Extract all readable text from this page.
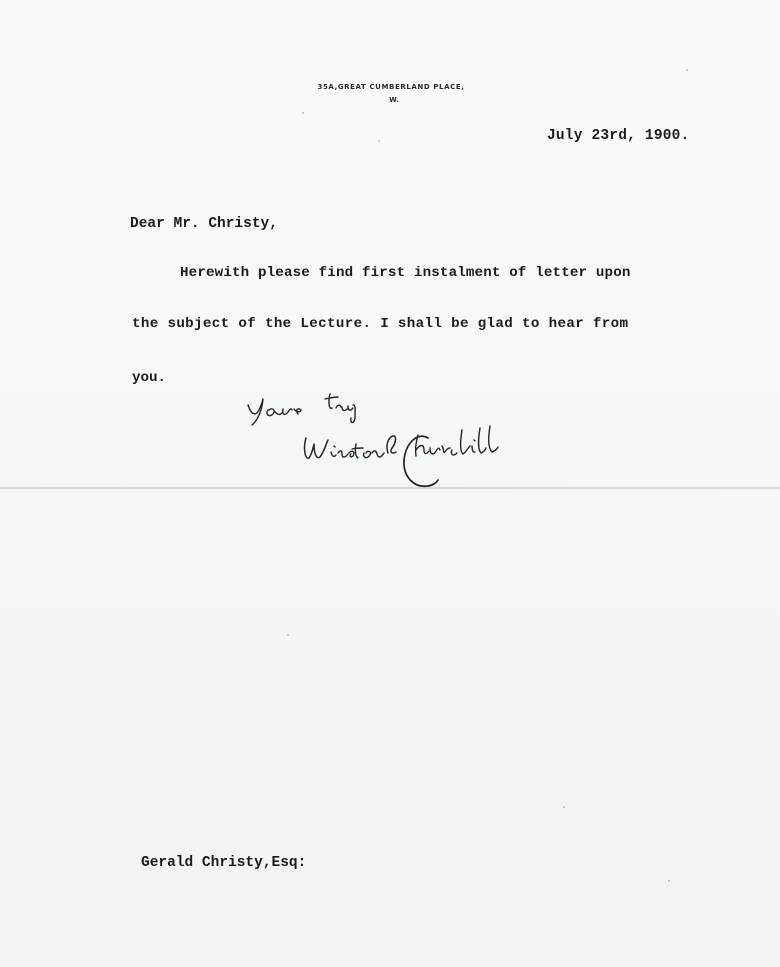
35A,GREAT CUMBERLAND PLACE,
W.

July 23rd, 1900.

Dear Mr. Christy,

Herewith please find first instalment of letter upon

the subject of the Lecture. I shall be glad to hear from

you.

Gerald Christy,Esq:
